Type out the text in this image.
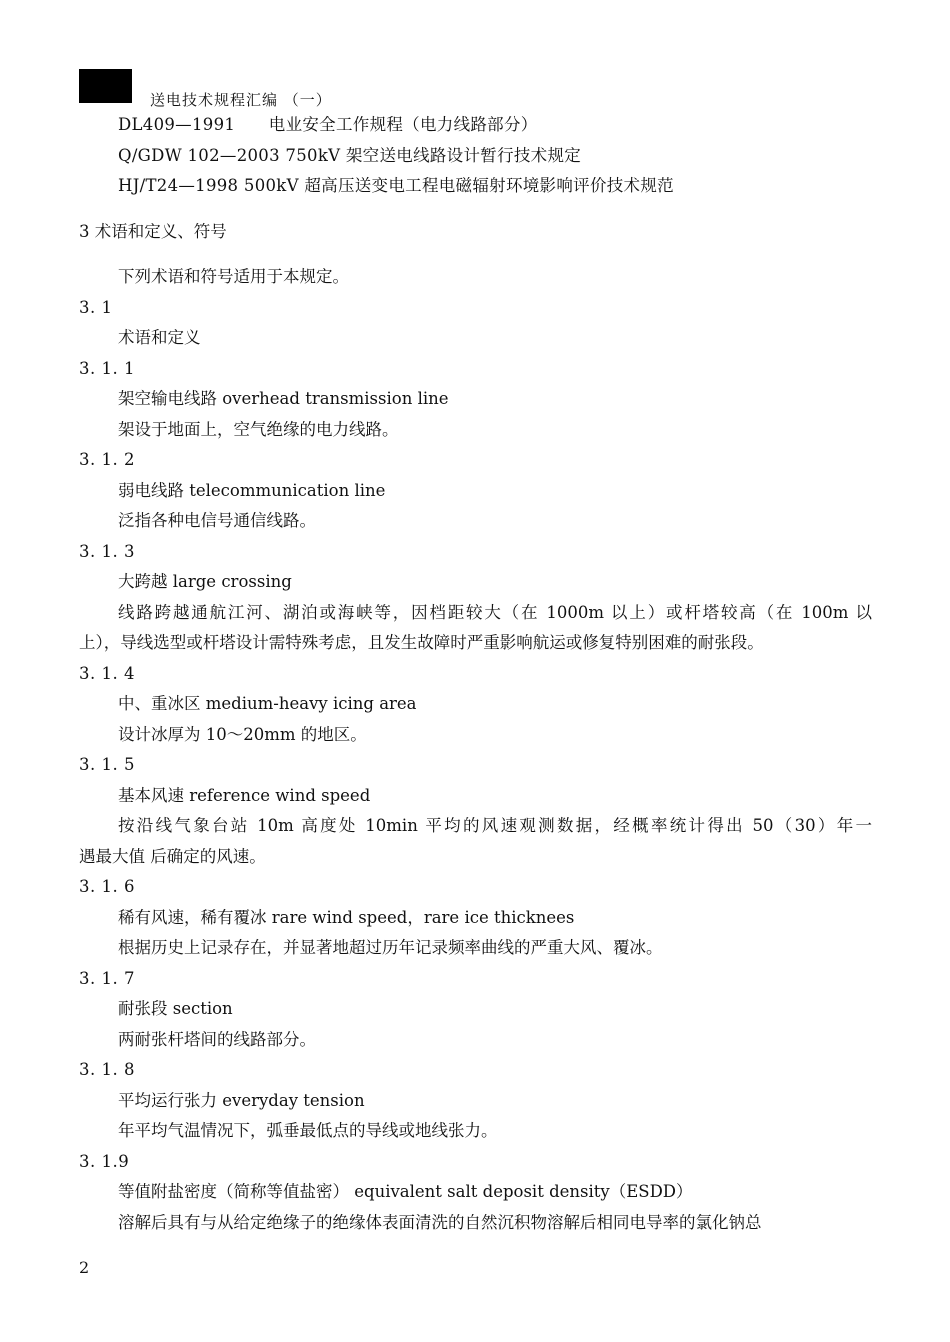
送电技术规程汇编 （一）
DL409—1991　　电业安全工作规程（电力线路部分）
Q/GDW 102—2003 750kV 架空送电线路设计暂行技术规定
HJ/T24—1998 500kV 超高压送变电工程电磁辐射环境影响评价技术规范
3 术语和定义、符号
下列术语和符号适用于本规定。
3. 1
术语和定义
3. 1. 1
架空输电线路 overhead transmission line
架设于地面上，空气绝缘的电力线路。
3. 1. 2
弱电线路 telecommunication line
泛指各种电信号通信线路。
3. 1. 3
大跨越 large crossing
线路跨越通航江河、湖泊或海峡等，因档距较大（在 1000m 以上）或杆塔较高（在 100m 以
上），导线选型或杆塔设计需特殊考虑，且发生故障时严重影响航运或修复特别困难的耐张段。
3. 1. 4
中、重冰区 medium-heavy icing area
设计冰厚为 10～20mm 的地区。
3. 1. 5
基本风速 reference wind speed
按沿线气象台站 10m 高度处 10min 平均的风速观测数据，经概率统计得出 50（30）年一
遇最大值 后确定的风速。
3. 1. 6
稀有风速，稀有覆冰 rare wind speed，rare ice thicknees
根据历史上记录存在，并显著地超过历年记录频率曲线的严重大风、覆冰。
3. 1. 7
耐张段 section
两耐张杆塔间的线路部分。
3. 1. 8
平均运行张力 everyday tension
年平均气温情况下，弧垂最低点的导线或地线张力。
3. 1.9
等值附盐密度（简称等值盐密） equivalent salt deposit density（ESDD）
溶解后具有与从给定绝缘子的绝缘体表面清洗的自然沉积物溶解后相同电导率的氯化钠总
2
